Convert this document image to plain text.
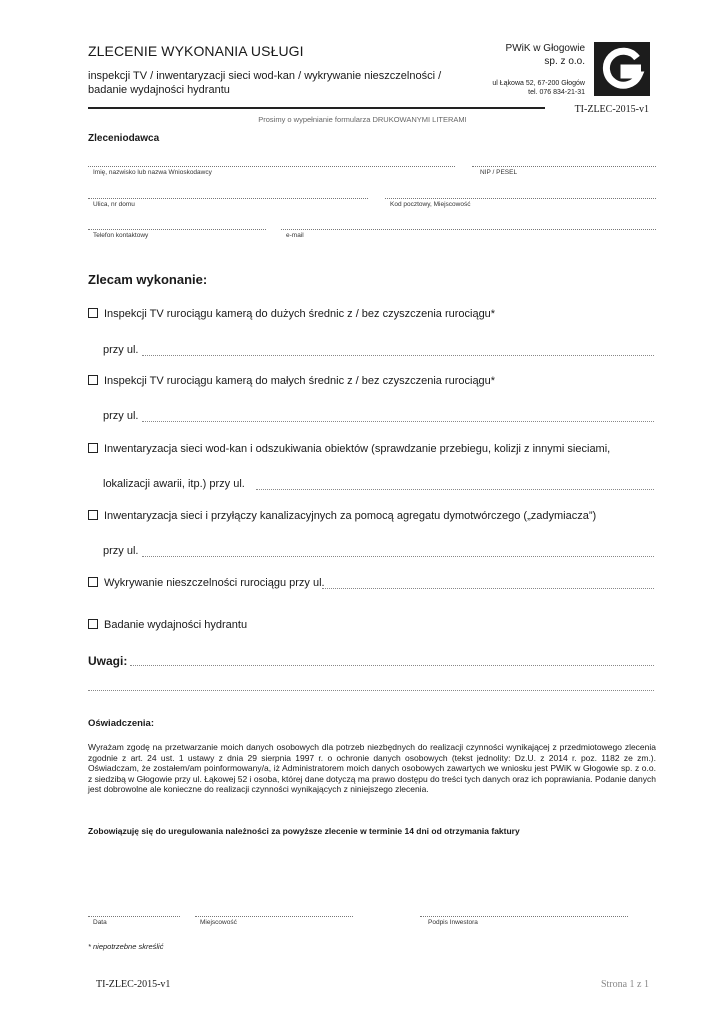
ZLECENIE WYKONANIA USŁUGI
inspekcji TV / inwentaryzacji sieci wod-kan / wykrywanie nieszczelności / badanie wydajności hydrantu
PWiK w Głogowie
sp. z o.o.
ul Łąkowa 52, 67-200 Głogów
tel. 076 834-21-31
TI-ZLEC-2015-v1
Prosimy o wypełnianie formularza DRUKOWANYMI LITERAMI
Zleceniodawca
Imię, nazwisko lub nazwa Wnioskodawcy	NIP / PESEL
Ulica, nr domu	Kod pocztowy, Miejscowość
Telefon kontaktowy	e-mail
Zlecam wykonanie:
Inspekcji TV rurociągu kamerą do dużych średnic z / bez czyszczenia rurociągu*
przy ul.
Inspekcji TV rurociągu kamerą do małych średnic z / bez czyszczenia rurociągu*
przy ul.
Inwentaryzacja sieci wod-kan i odszukiwania obiektów (sprawdzanie przebiegu, kolizji z innymi sieciami,
lokalizacji awarii, itp.) przy ul.
Inwentaryzacja sieci i przyłączy kanalizacyjnych za pomocą agregatu dymotwórczego („zadymiacza”)
przy ul.
Wykrywanie nieszczelności rurociągu przy ul.
Badanie wydajności hydrantu
Uwagi:
Oświadczenia:
Wyrażam zgodę na przetwarzanie moich danych osobowych dla potrzeb niezbędnych do realizacji czynności wynikającej z przedmiotowego zlecenia zgodnie z art. 24 ust. 1 ustawy z dnia 29 sierpnia 1997 r. o ochronie danych osobowych (tekst jednolity: Dz.U. z 2014 r. poz. 1182 ze zm.). Oświadczam, że zostałem/am poinformowany/a, iż Administratorem moich danych osobowych zawartych we wniosku jest PWiK w Głogowie sp. z o.o. z siedzibą w Głogowie przy ul. Łąkowej 52 i osoba, której dane dotyczą ma prawo dostępu do treści tych danych oraz ich poprawiania. Podanie danych jest dobrowolne ale konieczne do realizacji czynności wynikających z niniejszego zlecenia.
Zobowiązuję się do uregulowania należności za powyższe zlecenie w terminie 14 dni od otrzymania faktury
Data	Miejscowość	Podpis Inwestora
* niepotrzebne skreślić
TI-ZLEC-2015-v1	Strona 1 z 1
